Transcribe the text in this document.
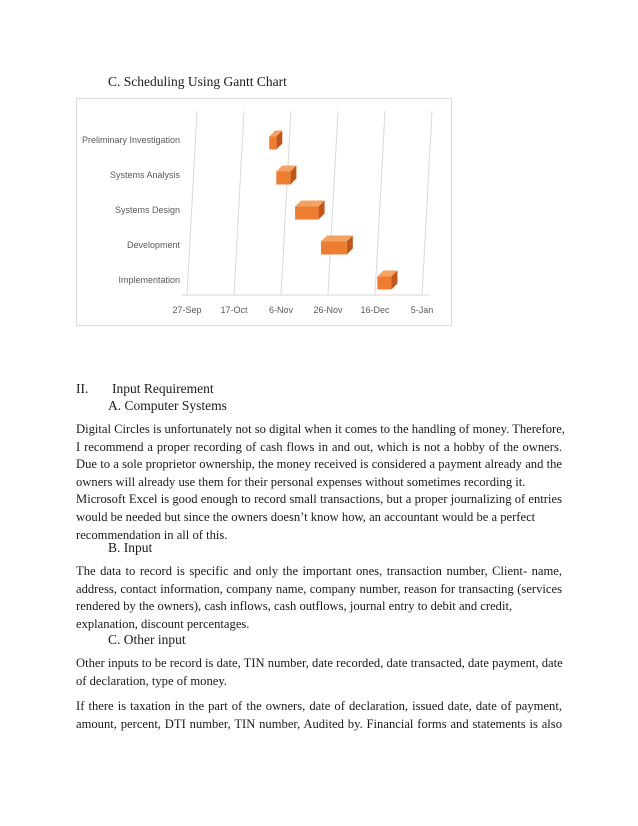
C. Scheduling Using Gantt Chart
27-Sep 17-Oct 6-Nov 26-Nov 16-Dec 5-Jan
Preliminary Investigation
Systems Analysis
Systems Design
Development
Implementation
II. Input Requirement
A. Computer Systems
Digital Circles is unfortunately not so digital when it comes to the handling of money. Therefore,
I recommend a proper recording of cash flows in and out, which is not a hobby of the owners.
Due to a sole proprietor ownership, the money received is considered a payment already and the
owners will already use them for their personal expenses without sometimes recording it.
Microsoft Excel is good enough to record small transactions, but a proper journalizing of entries
would be needed but since the owners doesn’t know how, an accountant would be a perfect
recommendation in all of this.
B. Input
The data to record is specific and only the important ones, transaction number, Client- name,
address, contact information, company name, company number, reason for transacting (services
rendered by the owners), cash inflows, cash outflows, journal entry to debit and credit,
explanation, discount percentages.
C. Other input
Other inputs to be record is date, TIN number, date recorded, date transacted, date payment, date
of declaration, type of money.
If there is taxation in the part of the owners, date of declaration, issued date, date of payment,
amount, percent, DTI number, TIN number, Audited by. Financial forms and statements is also
